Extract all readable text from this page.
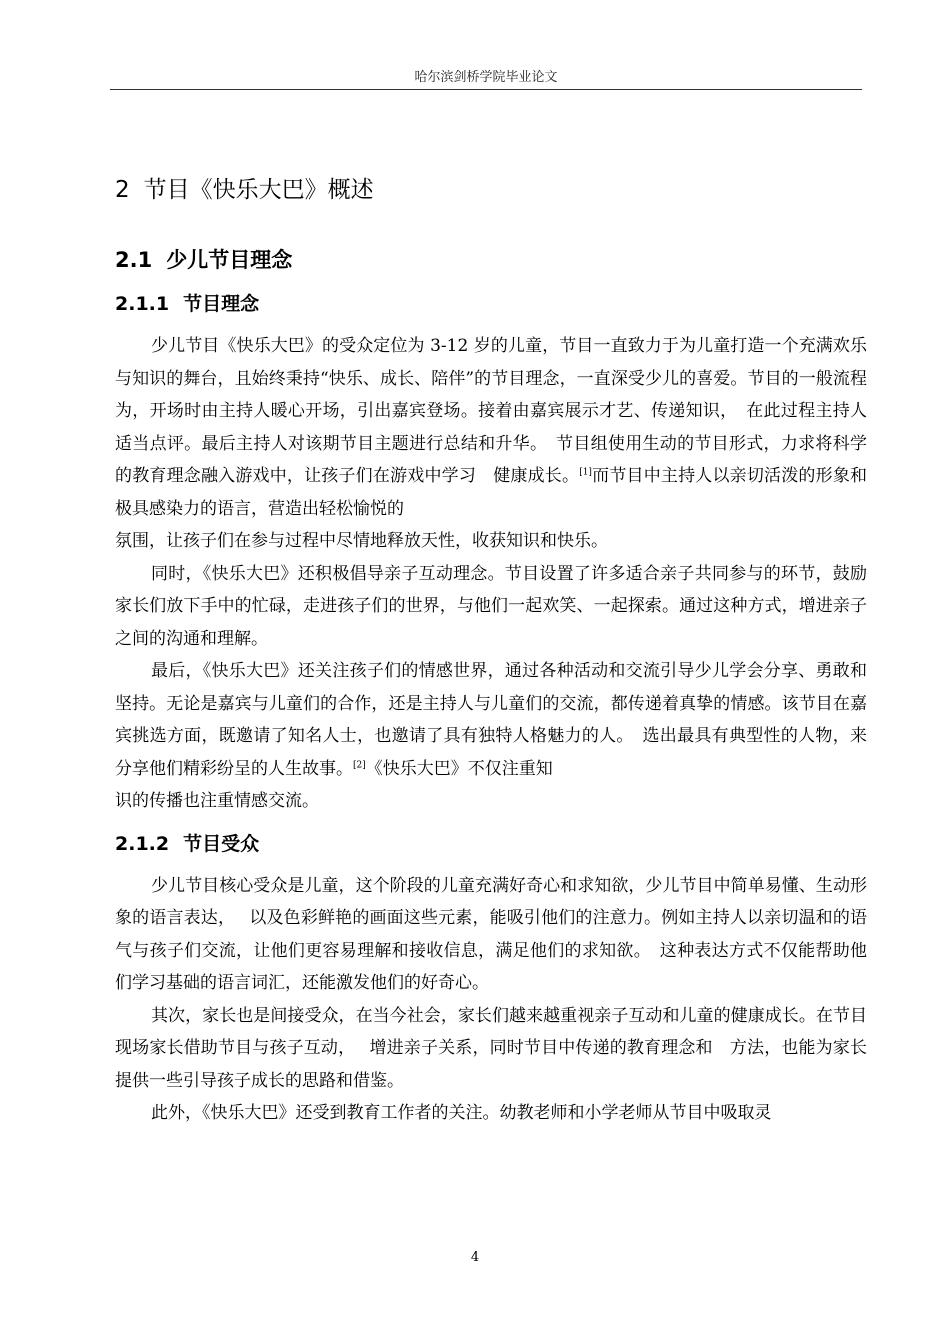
哈尔滨剑桥学院毕业论文
2 节目《快乐大巴》概述
2.1 少儿节目理念
2.1.1 节目理念

少儿节目《快乐大巴》的受众定位为 3-12 岁的儿童，节目一直致力于为儿童打造一个充满欢乐与知识的舞台，且始终秉持“快乐、成长、陪伴”的节目理念，一直深受少儿的喜爱。节目的一般流程为，开场时由主持人暖心开场，引出嘉宾登场。接着由嘉宾展示才艺、传递知识，　在此过程主持人适当点评。最后主持人对该期节目主题进行总结和升华。　节目组使用生动的节目形式，力求将科学的教育理念融入游戏中，让孩子们在游戏中学习　健康成长。[1]而节目中主持人以亲切活泼的形象和极具感染力的语言，营造出轻松愉悦的

氛围，让孩子们在参与过程中尽情地释放天性，收获知识和快乐。

同时，《快乐大巴》还积极倡导亲子互动理念。节目设置了许多适合亲子共同参与的环节，鼓励家长们放下手中的忙碌，走进孩子们的世界，与他们一起欢笑、一起探索。通过这种方式，增进亲子之间的沟通和理解。

最后，《快乐大巴》还关注孩子们的情感世界，通过各种活动和交流引导少儿学会分享、勇敢和坚持。无论是嘉宾与儿童们的合作，还是主持人与儿童们的交流，都传递着真挚的情感。该节目在嘉宾挑选方面，既邀请了知名人士，也邀请了具有独特人格魅力的人。　选出最具有典型性的人物，来分享他们精彩纷呈的人生故事。[2]《快乐大巴》不仅注重知

识的传播也注重情感交流。

2.1.2 节目受众

少儿节目核心受众是儿童，这个阶段的儿童充满好奇心和求知欲，少儿节目中简单易懂、生动形象的语言表达，　 以及色彩鲜艳的画面这些元素，能吸引他们的注意力。例如主持人以亲切温和的语气与孩子们交流，让他们更容易理解和接收信息，满足他们的求知欲。　这种表达方式不仅能帮助他们学习基础的语言词汇，还能激发他们的好奇心。

其次，家长也是间接受众，在当今社会，家长们越来越重视亲子互动和儿童的健康成长。在节目现场家长借助节目与孩子互动，　 增进亲子关系，同时节目中传递的教育理念和　方法，也能为家长提供一些引导孩子成长的思路和借鉴。

此外，《快乐大巴》还受到教育工作者的关注。幼教老师和小学老师从节目中吸取灵

4
